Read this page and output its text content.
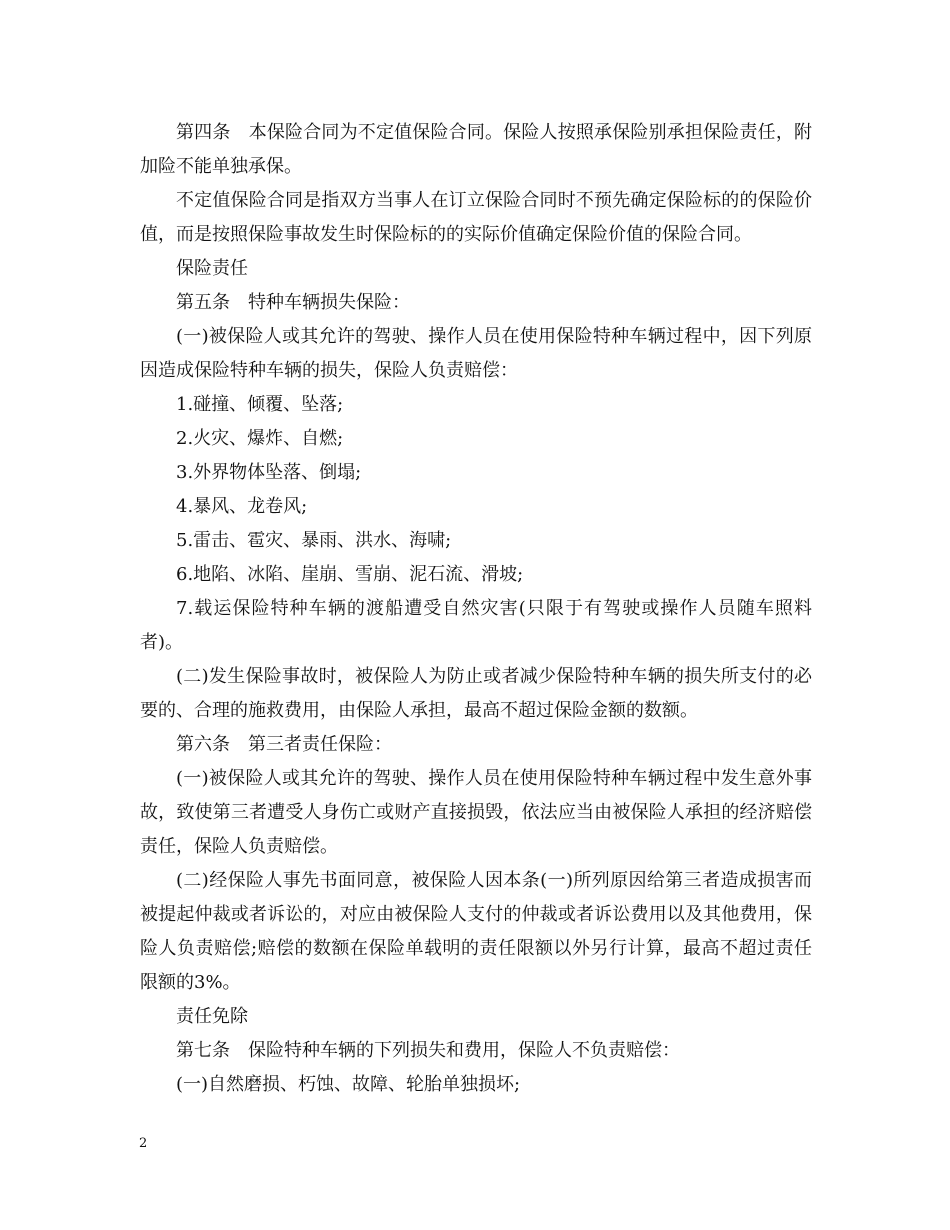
第四条　本保险合同为不定值保险合同。保险人按照承保险别承担保险责任，附加险不能单独承保。

不定值保险合同是指双方当事人在订立保险合同时不预先确定保险标的的保险价值，而是按照保险事故发生时保险标的的实际价值确定保险价值的保险合同。

保险责任

第五条　特种车辆损失保险：

(一)被保险人或其允许的驾驶、操作人员在使用保险特种车辆过程中，因下列原因造成保险特种车辆的损失，保险人负责赔偿：

1.碰撞、倾覆、坠落;

2.火灾、爆炸、自燃;

3.外界物体坠落、倒塌;

4.暴风、龙卷风;

5.雷击、雹灾、暴雨、洪水、海啸;

6.地陷、冰陷、崖崩、雪崩、泥石流、滑坡;

7.载运保险特种车辆的渡船遭受自然灾害(只限于有驾驶或操作人员随车照料者)。

(二)发生保险事故时，被保险人为防止或者减少保险特种车辆的损失所支付的必要的、合理的施救费用，由保险人承担，最高不超过保险金额的数额。

第六条　第三者责任保险：

(一)被保险人或其允许的驾驶、操作人员在使用保险特种车辆过程中发生意外事故，致使第三者遭受人身伤亡或财产直接损毁，依法应当由被保险人承担的经济赔偿责任，保险人负责赔偿。

(二)经保险人事先书面同意，被保险人因本条(一)所列原因给第三者造成损害而被提起仲裁或者诉讼的，对应由被保险人支付的仲裁或者诉讼费用以及其他费用，保险人负责赔偿;赔偿的数额在保险单载明的责任限额以外另行计算，最高不超过责任限额的3%。

责任免除

第七条　保险特种车辆的下列损失和费用，保险人不负责赔偿：

(一)自然磨损、朽蚀、故障、轮胎单独损坏;

2
